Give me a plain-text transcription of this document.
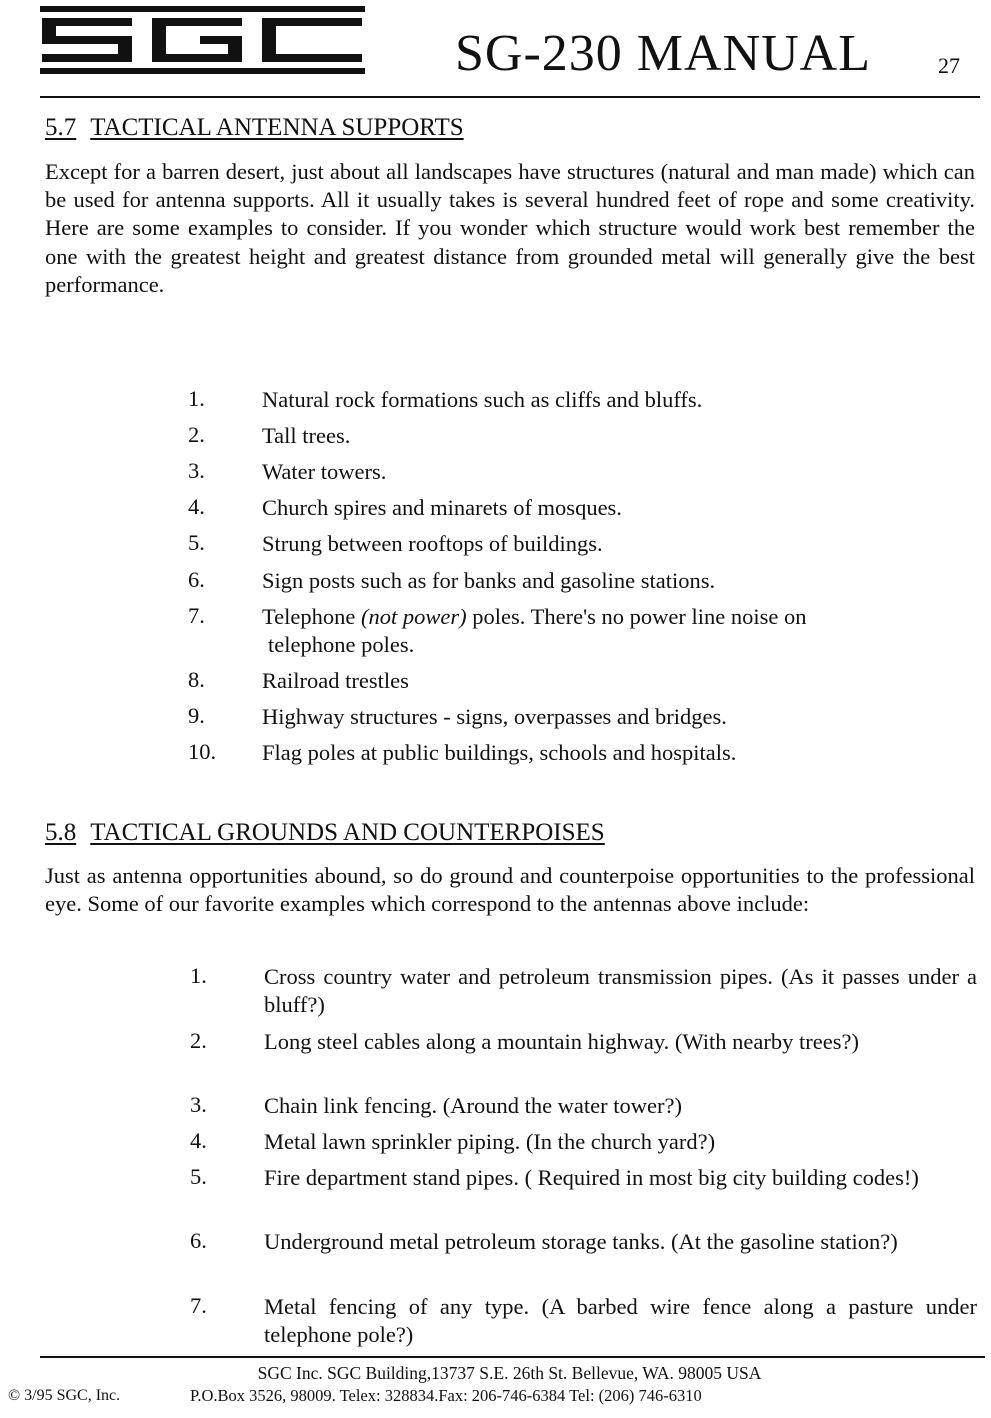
SG-230 MANUAL	27
5.7 TACTICAL ANTENNA SUPPORTS
Except for a barren desert, just about all landscapes have structures (natural and man made) which can be used for antenna supports. All it usually takes is several hundred feet of rope and some creativity. Here are some examples to consider. If you wonder which structure would work best remember the one with the greatest height and greatest distance from grounded metal will generally give the best performance.
1.	Natural rock formations such as cliffs and bluffs.
2.	Tall trees.
3.	Water towers.
4.	Church spires and minarets of mosques.
5.	Strung between rooftops of buildings.
6.	Sign posts such as for banks and gasoline stations.
7.	Telephone (not power) poles. There's no power line noise on
telephone poles.
8.	Railroad trestles
9.	Highway structures - signs, overpasses and bridges.
10.	Flag poles at public buildings, schools and hospitals.
5.8 TACTICAL GROUNDS AND COUNTERPOISES
Just as antenna opportunities abound, so do ground and counterpoise opportunities to the professional eye. Some of our favorite examples which correspond to the antennas above include:
1.	Cross country water and petroleum transmission pipes. (As it passes under a bluff?)
2.	Long steel cables along a mountain highway. (With nearby trees?)
3.	Chain link fencing. (Around the water tower?)
4.	Metal lawn sprinkler piping. (In the church yard?)
5.	Fire department stand pipes. ( Required in most big city building codes!)
6.	Underground metal petroleum storage tanks. (At the gasoline station?)
7.	Metal fencing of any type. (A barbed wire fence along a pasture under telephone pole?)
SGC Inc. SGC Building,13737 S.E. 26th St. Bellevue, WA. 98005 USA
© 3/95 SGC, Inc.	P.O.Box 3526, 98009. Telex: 328834.Fax: 206-746-6384 Tel: (206) 746-6310
